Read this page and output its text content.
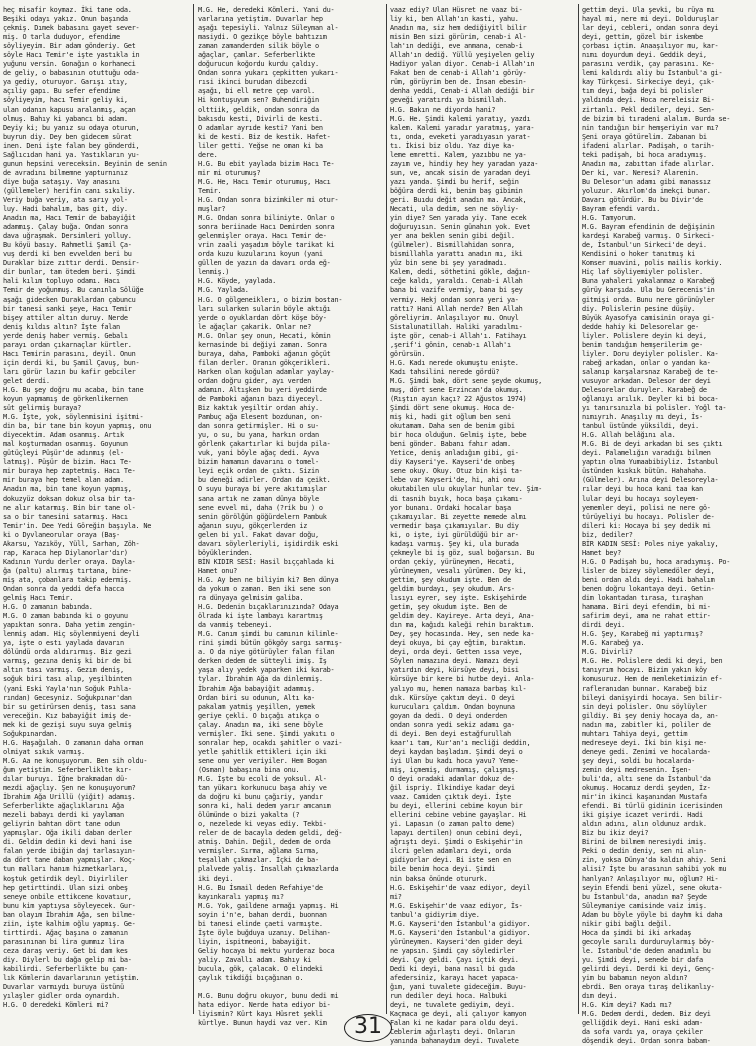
heç misafir koymaz. İki tane oda.
Beşiki odayı yakız. Onun başında
çekmiş. Dımek babasını gayet sever-
miş. O tarla duduyor, efendime
söyliyeyim. Bir adam gönderiy. Get
söyle Hacı Temir'e işte yastıkla in
yuğunu versin. Gonağın o korhaneci
de geliy, o babasının otuttuğu oda-
ya gediy, oturuyor. Garışı ıtıy,
açıliy gapı. Bu sefer efendime
söyliyeyim, hacı Temir geliy ki,
ulan odanın kapusu aralanmış, açan
olmuş. Bahıy ki yabancı bi adam.
Deyiy ki; bu yanız su odaya oturun,
buyrun diy. Dey ben gidecem sürat
inen. Deni işte falan bey gönderdi,
Sağlıcıdan hani ya. Yastıkların yu-
gunun hepsini vereceksin. Beyinin de senin
de avradını bilmemne yapturnınız
diye buğa sataşıy. Vay anasını
(güllemeler) herifin canı sıkıliy.
Veriy buğa veriy, ata sarıy yol-
luy. Hadi bahalım, bas git, diy.
Anadın ma, Hacı Temir de babayiğit
adammış. Çalay buğa. Ondan sonra
dava uğraşmak. Dersimleri yolluy.
Bu köyü basıy. Rahmetli Şamil Ça-
vuş derdi ki ben evvelden beri bu
Duraklar bize zıttır derdi. Densir-
dir bunlar, tam ötedem beri. Şimdi
hali kılım topluyo odamı. Hacı
Temir de yoğunmuş. Bu canınla Sölüğe
aşağı gidecken Duraklardan çabuncu
bir tanesi sanki şeye, Hacı Temir
bişey attiler altın duruy. Nerde
deniş kıldıs altın? İşte falan
yerde deniş haber vermiş. Gebalı
parayı ordan çıkarnaçlar kürtler.
Hacı Temirin parasını, deyil. Onun
için derdi ki, bu Şamil Çavuş, bun-
ları görür lazın bu kafir gebciler
gelet derdi.
H.G. Bu şey doğru mu acaba, bin tane
koyun yapmamış de görkenlikernen
süt gelirmiş buraya?
M.G. İşte, yok, söylenmisini işitmi-
din ba, bir tane bin koyun yapmış, onu
diyecektim. Adam osanmış. Artık
mal koşturmadan osanmış. Goyunun
gütüçleyi Püşür'de adınmış (el-
latmış). Püşür de bizim. Hacı Te-
mir buraya hep zaptetmiş. Hacı Te-
mir buraya hep temel alan adam.
Anadın ma, bin tane koyun yapmış,
dokuzyüz doksan dokuz olsa bir ta-
ne alır katarmış. Bin bir tane ol-
sa o bir tanesini satarmış. Hacı
Temir'in. Dee Yedi Göreğin başıyla. Ne
ki o Dyvlaneorular oraya (Baş-
Akarsu, Yazıköy, Yüll, Sarhan, Zöh-
rap, Karaca hep Diylanorlar'dır)
Kadının Yurdu derler oraya. Dayla-
ğa (paltu) alırmış tırtana, bine-
miş ata, çobanlara takip edermiş.
Ondan sonra da yeddi defa hacca
gelmiş Hacı Temir.
H.G. O zamanın babında.
M.G. O zaman babında ki o goyunu
yapıktan sonra. Daha yetim zengin-
lenmiş adam. Hiç söylenmiyeni deyli
ya, işte o estı yaylada davarın
dölündü orda aldırırmış. Biz gezi
varmış, gezına deniş ki bir de bi
altın tası varmış. Gezım deniş,
soğuk biri tası alıp, yeşilbinten
(yani Eski Yayla'nın Soğuk Pıhla-
rından) Gecesyniz. Soğukpınar'dan
bir su getirürsen deniş, tası sana
vereceğin. Kız babayiğit imiş de-
mek ki de gezişi suyu suya gelmiş
Soğukpınardan.
H.G. Haşağılah. O zamanın daha orman
olmiyat sıkık varmış.
M.G. Aa ne konuşuyorum. Ben sih oldu-
ğum yetiştim. Seferberliklte kır-
dılar buruyı. İğne brakmadan dü-
mezdi ağaçlıy. Şen ne konuşuyorum?
İbrahim Ağa Urillü (yiğit) adamış.
Seferberlikte ağaçlıklarını Ağa
mezeli babayı derdi ki yaylaman
geliyrin bahtan dört tane odun
yapmışlar. Oğa ikili daban derler
di. Geldim dedin ki devi hani ise
falan yerde ibiğin daj tarlasıyın-
da dört tane daban yapmışlar. Koç-
tun malları hanım hizmetkarları,
koştuk getirdik deyl. Diyirliler
hep getirttindi. Ulan sizi onbeş
seneye onbile ettikcene kovatıur,
bunu kim yaptıysa söyleyecek. Gur-
ban olayım İbrahim Ağa, sen bilme-
ziin, işte kalhim oğlu yapmış. Ge-
tirttirdi. Ağaç başına o zamanın
parasınınan bi lira gummız lira
ceza daraş veriy. Get bi dam kes
diy. Diylerl bu dağa gelip mi ba-
kabilirdi. Seferberlikte bu çam-
lık Kömlerin davarlarının yetiştim.
Duvarlar varmıydı buruya üstünü
yılaşler gidler orda oynardıh.
H.G. O deredeki Kömleri mi?
M.G. He, deredeki Kömleri. Yani du-
varlarına yetiştim. Duvarlar hep
aşağı tepesiyli. Yalnız Süleyman al-
masiydi. O gezikçe böyle bahtızım
zaman zamanderden silik böyle o
ağaçlar, çamlar. Seferberlikte
doğurucun koğordu kurdu çaldıy.
Ondan sonra yukarı çepkitten yukarı-
rısi ikinci burudan dibezcdi
aşağı, bi ell metre çep varol.
Hi kontuşuyum sen? Buhendiriğin
olttiik, geldik, ondan sonra da
bakısdu kesti, Divirli de kesti.
O adamlar ayrıde kesti? Yani ben
ki de kesti. Biz de kestik. Hafet-
liler getti. Yeğse ne oman ki ba
dere.
H.G. Bu ebit yaylada bizim Hacı Te-
mir mi oturumuş?
M.G. He, Hacı Temir oturumuş, Hacı
Temir.
H.G. Ondan sonra bizimkiler mi otur-
muşlar?
M.G. Ondan sonra biliniyte. Onlar o
sonra beriinade Hacı Demirden sonra
gelenmişler oraya. Hacı Temir de-
vrin zaali yaşadım böyle tarikat ki
orda kuzu kuzularını koyun (yani
güllen de yazın da davarı orda eğ-
lenmiş.)
H.G. Köyde, yaylada.
M.G. Yaylada.
H.G. O gölgeneiklerı, o bizim bostan-
ları sularken sularin böyle aktığı
yerde o oyuklardan dört köşe böy-
le ağaçlar çakarik. Onlar ne?
M.G. Onlar şey onun, Hecati, kömin
kernasinde bi değiyi zaman. Sonra
buraya, daha, Pamboki ağanın göçüt
filan derler. Oranın gökçerikleri.
Harken olan koğulan adamlar yaylay-
ordan doğru gider, ayı verden
adamın. Altışken bu yeri yeddirde
de Pamboki ağanın bazı diyeceyl.
Biz kaktık yeşiltir ordan ahiy.
Pambuç ağa Elesent bozdunan, on-
dan sonra getirmişler. Hi o su-
yu, o su, bu yana, harkın ordan
görlenk çakartırlar ki bujda pila-
vuk, yani böyle ağaç dedi. Ayva
bizim hamamın davarını o tomel-
leyi eçik ordan de çıktı. Sizin
bu deneği adirler. Ordan da çeikt.
O suyu buraya bi yere akıtımışlar
sana artık ne zaman dünya böyle
sene evvel mi, daha (?rik bu ) o
senin görölğün göğürdelern Pambuk
ağanın suyu, gökçerlerden iz
gelen bi yıl. Fakat davar doğu,
davarı söylerleriyli, işidirdik eski
böyüklerinden.
BİN KIDIR SESİ: Hasil bıççahlada ki
Hamet onu?
H.G. Ay ben ne biliyim ki? Ben dünya
da yokum o zaman. Ben iki sene son
ra dünyaya gelmisim galiba.
H.G. Dedenin bıçaklarınızında? Odaya
ölrada ki işte lambayı karartmış
da vanmiş tebeneyi.
M.G. Canım şimdi bu camının kilimle-
rini şimdi bütün gökgöy sargı sarmış-
a. O da niye götürüyler falan filan
derken dedem de sütteyli imiş. İş
yaşa alıy yedek yaparken iki karab-
tylar. İbrahim Ağa da dinlenmiş.
İbrahim Ağa babayiğit adammış.
Ordan biri su odunun, Altı ka-
pakalam yatmiş yeşillen, yemek
geriye çekli. O bıçağı atıkça o
çalay. Anadın ma, iki sene böyle
vermişler. İki sene. Şimdi yakıtı o
sonralar hep, ocakdı şahitler o vazi-
yetle şahitlik ettikleri için iki
sene onu yer veriyiler. Hem Bogan
(Osman) babaşına bina onu.
M.G. İşte bu ecoli de yoksul. Al-
tan yükarı korkunucu başa ahiy ve
da doğru ki bunu çağıriy, yandır
sonra ki, hali dedem yarır amcanım
ölümünde o bizi yakalta (?
o, nezelede ki veyas ediy. Tekbi-
reler de de bacayla dedem geldi, değ-
atmiş. Dahin. Değil, dedem de orda
vermişler. Sırma, ağlama Sırma,
teşallah çıkmazlar. İçki de ba-
plalvede yaliş. İnsallah çıkmazlarda
iki deyi.
H.G. Bu İsmail deden Refahiye'de
kayınkaralı yapmış mı?
M.G. Yok, gaildene armağı yapmış. Hi
soyin i'n'e, bahan derdi, buonnan
bi tanesi elinde çaeti varmışte.
İşte öyle buğduya uzanıy. Delihan-
liyin, ispitmeoni, babayiğit.
Geliy hocaya bi mektu yurderaz boca
yaliy. Zavallı adam. Bahıy ki
bucula, gök, çalacak. O elindeki
çaylık tikdiği bıçağınan o.
M.G. Bunu doğru okuyor, bunu dedi mi
hata ediyor. Nerde hata ediyor bi-
liyismin? Kürt kayı Hüsret şekli
kürtlye. Bunun haydi vaz ver. Kim
vaaz ediy? Ulan Hüsret ne vaaz bi-
liy ki, ben Allah'ın kasti, yahu.
Anadın ma, siz hem dediğiyitl bilir
misin Ben sizi görürim, cenab-i Al-
lah'ın dediği, eve anmana, cenab-i
Allah'ın dediğ. Yüllü yeşiyelen geliy
Hadiyor yalan diyor. Cenab-i Allah'ın
Fakat ben de cenab-i Allah'ı görüy-
rüm, görüyrim ben de. İnsan ebesin-
denha yeddi, Cenab-i Allah dediği bir
geveği yaratırdı ya bismillah.
H.G. Bakın ne diyorda hani?
M.G. He. Şimdi kalemi yaratıy, yazdı
kalem. Kalemi yaradır yaratmış, yara-
tı, onda, eveketi yaradıyasın yarat-
tı. İkisi biz oldu. Yaz diye ka-
leme emretti. Kalem, yazıbbu ne ya-
zayım ve, hindiy hey hey yaradan yaza-
sun, ve, ancak sisin de yaradan deyi
yazı yanda. Şimdi bu herif, seğin
böğüra derdi ki, benim baş gibimin
geri. Buıdu değit anadın ma. Ancak,
Necati, ula dedim, sen ne söyliy-
yin diye? Sen yarada yiy. Tane ecek
doğuruyısın. Senin günahın yok. Evet
yer ana beklen senin gibi değil.
(gülmeler). Bismillahidan sonra,
bismillahla yarattı anadın mı, iki
yüz bin sene bi şey yaradmadı.
Kalem, dedi, söthetini gökle, dağın-
ceğe kaldı, yaraldı. Cenab-i Allah
bana bi vazife vermiy, bana bi şey
vermiy. Hekj ondan sonra yeri ya-
rattı? Hani Allah nerde? Ben Allah
göreliyrim. Anlaşılıyor mu. Onuyl
Sistalunatillah. Haliki yaradılmı-
işte gör, cenab-i Allah'ı. Fatihayı
,şerif'i gönin, cenab-ı Allah'ı
görürsün.
H.G. Kadı nerede okumuştu enişte.
Kadı tahsilini nerede gördü?
M.G. Şimdi bak, dört sene şeyde okumuş,
muş, dört sene Erzincan'da okumuş.
(Rıştın ayın kaçı? 22 Ağustos 1974)
Şimdi dört sene okumuş. Hoca de-
miş ki, hadi git oğlum ben seni
okutamam. Daha sen de benim gibi
bir hoca olduğun. Gelmiş işte, bebe
beni gönder. Babanı fahır adam.
Yetice, deniş anladığım gibi, gi-
diy Kayseri'ye. Kayseri'de onbeş
sene okuy. Okuy. Otuz bin kişi ta-
lebe var Kayseri'de, hi, ahi onu
okutabilen ulu okuylar hunlar tev. Şim-
di tasnih bıyık, hoca başa çıkamı-
yor bunanı. Ordaki hocalar başa
çıkamıyılar. Bi zeyette memede almı
vermedir başa çıkamıyılar. Bu diy
ki, o işte, iyi gürüldüğü bir ar-
kadaşı varmış. Şey ki, ula burada
çekmeyle bi iş göz, sual boğarsın. Bu
ordan çekiy, yürüneymen, Hecati,
yürüneymen, vesalı yürümen. Dey ki,
gettim, şey okudum işte. Ben de
geldim burdayı, şey okudum. Ars-
lısıyı eyrer, sey işte. Eskişehirde
getim, şey okudum işte. Ben de
geldim dey. Kayireye. Arta deyi, Ana-
dın ma, kağıdı kaleği rehin bıraktım.
Dey, şey hocasında. Hey, sen nede ka-
deyi okuya, bi çay eğtim, bıraktım.
deyi, orda deyi. Getten ıssa veye,
Söylen namazına deyi. Namazı deyi
yatırdın deyi, kürsüye deyi, bisi
kürsüye bir kere bi hutbe deyi. Anla-
yalıyo mu, hemen namaza barbaş kıl-
dık. Kürsüye çaktım deyi. O deyi
kurucuları çaldım. Ondan boynuna
goyan da dedi. O deyi onderden
ondan sonra yedi sekiz adamı ga-
di deyi. Ben deyi estağfurullah
kaar'ı tam, Kur'an'ı mecliği deddin,
deyi kaydan başladım. Şimdi deyi o
iyi Ulan bu kadı hoca yavu? Yeme-
miş, içmemiş, durmamış, çalışmış.
O deyi oradaki adamlar dokuz de-
ğil ispriy. İlkindiye kadar deyi
vaaz. Camiden çıktık deyi. İşte
bu deyi, ellerini cebime koyun bir
ellerini cebine vebine gayaşlar. Hi
yi. Lapasın (o zaman palto deme)
lapayı dertilen) onun cebini deyi,
ağrıştı deyi. Şimdi o Eskişehir'in
ilcri gelen adamları deyi, orda
gidiyorlar deyi. Bi iste sen en
bile benim hoca deyi. Şimdi
nin baksa önünde otururk.
H.G. Eskişehir'de vaaz ediyor, deyil
mi?
M.G. Eskişehir'de vaaz ediyor, İs-
tanbul'a gidiyrim diye.
M.G. Kayseri'den İstanbul'a gidiyor.
M.G. Kayseri'den İstanbul'a gidiyor.
yürüneymen. Kayseri'den gider deyi
ne yapsın. Şimdi çay söyledirler
deyi. Çay geldi. Çayı içtik deyi.
Dedi ki deyi, bana nasıl bi gıda
afedersiniz, karayı hacet yapaca-
ğım, yani tuvalete gideceğim. Buyu-
run dediler deyi hoca. Halbuki
deyi, ne tuvalete gediyim, deyi.
Kaçmaca ge deyi, ali çalıyor kamyon
Falan ki ne kadar para oldu deyi.
Ceblerim ağırlaştı deyi. Onların
yanında bahanaydım deyi. Tuvalete
gettim deyi. Ula şevki, bu rüya mı
hayal mi, nere mi deyi. Dolduruşlar
lar deyi, cebleri, ondan sonra deyi
deyi, gettim, gözel bir iskembe
çorbası içtim. Anaaşılıyor mu, kar-
nımı doyurdum deyi. Geddik deyi,
parasını verdik, çay parasını. Ke-
lemi kaldırdı aliy bu İstanbul'a gi-
kay Türkçesi. Sirkeciye deyi, çık-
tım deyi, bağa deyi bi polisler
yaldında deyi. Hoca nereleisiz Bi-
zirtanlı. Pekl dediler, deyi. Sen-
de bizim bi tıradeni alalım. Burda se-
nin tandığın bir hemşeriyin var mı?
Şeni oraya götürelim. Zabanan bi
ifadeni alırlar. Padişah, o tarih-
teki padişah, bi hoca aradıymış.
Anadın ma, zabıttan ifade alırlar.
Der ki, var. Neresi? Alarenin.
Bu Delesor'un adamı gibi manassız
yoluzur. Akırlom'da imekçi bunar.
Davarı götürdür. Bu bu Divir'de
Bayram efendi vardı.
H.G. Tamyorum.
M.G. Bayram efendinin de değişinin
kardeşi Karabeğ varmış. O Sirkeci-
de, İstanbul'un Sirkeci'de deyi.
Kendisini o hoker tanıtmış ki
Komser muavini, polis mailis korkiy.
Hiç laf söyliyemiyler polisler.
Buna yahaleri yakalanmaz o Karabeğ
gürüy karşıda. Ula bu Gerecenis'in
gitmişi orda. Bunu nere görünüyler
diy. Polislerin pesine düşüy.
Büyük Ayasofya camisinin oraya gi-
dedde hahiy ki Delesorelar ge-
liyler. Polislere deyin ki deyi,
benim tandığım hemşerilerim ge-
liyler. Doru deyiyler polisler. Ka-
rabeğ arkadan, onlar o yandan ka-
salanıp karşalarsnaz Karabeğ de te-
vusuyor arkadan. Delesor der deyi
Delesorelar duruyler. Karabeğ de
oğlanıyı arılık. Deyler ki bi boca-
yı tanırsınızla bi polisler. Yoğl ta-
nımıyrıh. Anaşılıy mı deyi, İs-
tanbul üstünde yüksildi, deyi.
H.G. Allah belâğını ala.
M.G. Bi de deyi arkadan bi ses çıktı
deyi. Palamelığın varadığı bilmen
yaptın olma Yumaabibiyliz. İstanbul
üstünden kıskık bütün. Hahahaha.
(Gülmeler). Arına deyi Delesoreyla-
rılar deyi bu hoca kani taa kan
lular deyi bu hocayı soyleyem-
yememler deyi, polisi ne nere gö-
türüyeliyi bu hocayı. Polisler de-
dileri ki: Hocaya bi şey dedik mi
biz, dediler?
BİR KADIN SESİ: Poles niye yakalıy,
Hamet bey?
H.G. O Padişah bu, hoca aradıymış. Po-
lisler de bizey söylemedöler deyi,
beni ordan aldı deyi. Hadi bahalım
benen doğru lokantaya deyi. Getin-
dim lokantadan tırasa, tıraşhan
hamama. Biri deyi efendim, bi mi-
safirim deyi, ama ne rahat ettir-
dirdi deyi.
H.G. Şey, Karabeğ mi yaptırmış?
M.G. Karabeğ ya.
M.G. Divirli?
M.G. He. Polislere dedi ki deyi, ben
tanıyrım hocayı. Bizim yakın köy
komusuruz. Hem de memleketimizin ef-
rafleranıdan bunnar. Karabeğ biz
bileyi danişyirdi hocaya. Sen bilir-
sin deyi polisler. Onu söylüyler
gildiy. Bi şey deniy hocaya da, an-
nadın ma, zabitler ki, poliler de
muhtarı Tahiya deyi, gettim
medreseye deyi. İki bin kişi me-
deneye gedi. Zenimi ve hocalarda-
şey deyi, soldi bu hocalarda-
zemin deyi medresenin. İşen-
buli'da, altı sene da İstanbul'da
okumuş. Hocamız derdi şeyden, İz-
mir'in ikinci kaşanından Mustafa
efendi. Bi türlü gidinin icerisinden
iki gişiye icazet verirdi. Hadi
aldın adını, alın oldunuz ardık.
Biz bu ikiz deyi?
Birini de bilmem neresiydi imiş.
Peki o dedin deniy, sen ni alın-
zin, yoksa Dünya'da kaldın ahiy. Seni
alisi? İşte bu arasının sahibi yok mu
hanlyan? Anlaşılıyor mu, oğlum? Hi-
seyin Efendi beni yüzel, sene okuta-
bu İstanbul'da, anadın ma? Şeyde
Süleymaniye camisinde vaiz imiş.
Adam bu böyle yöyle bi dayhm ki daha
nikir gibi bağlı değil.
Hoca da şimdi bi iki arkadaş
gecoyle sarılı durduruylarmış böy-
le. İstanbul'de deden anadımlı bu
yu. Şimdi deyi, senede bir dafa
gelirdi deyi. Derdi ki deyi, Genç-
yim bu babamın neyon aldın?
ebrdi. Ben oraya tıraş delikanlıy-
dım deyi.
H.G. Kim deyi? Kadı mı?
M.G. Dedem derdi, dedem. Biz deyi
gelliğdik deyi. Hani eski adam-
da sofa vardı ya, oraya çekiler
döşendik deyi. Ordan sonra babam-
31
